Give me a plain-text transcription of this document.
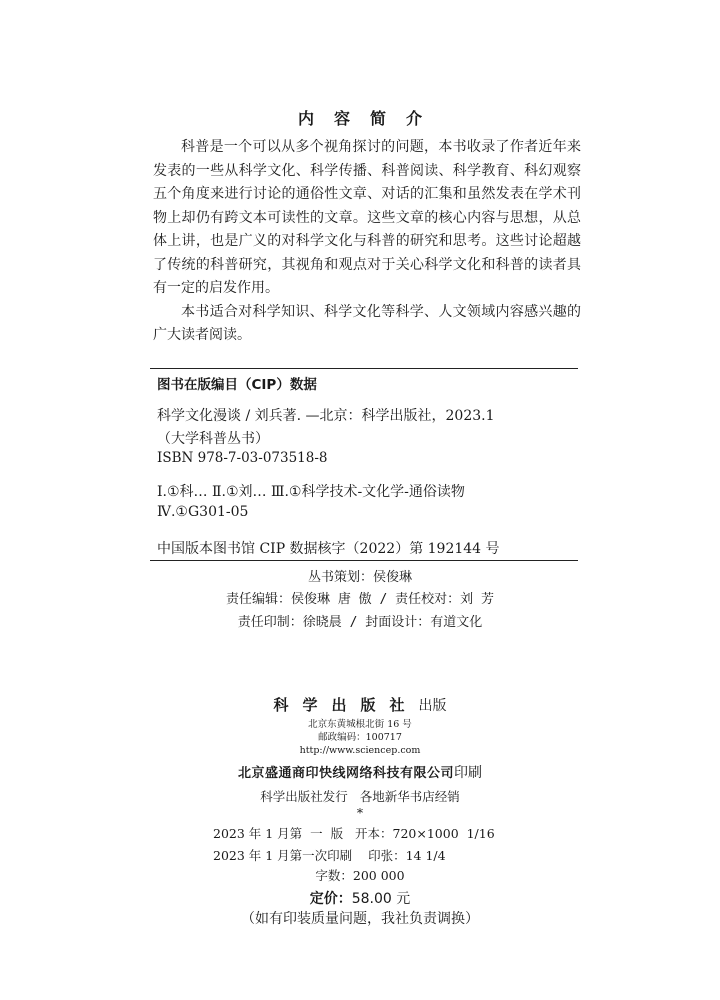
内容简介

科普是一个可以从多个视角探讨的问题，本书收录了作者近年来发表的一些从科学文化、科学传播、科普阅读、科学教育、科幻观察五个角度来进行讨论的通俗性文章、对话的汇集和虽然发表在学术刊物上却仍有跨文本可读性的文章。这些文章的核心内容与思想，从总体上讲，也是广义的对科学文化与科普的研究和思考。这些讨论超越了传统的科普研究，其视角和观点对于关心科学文化和科普的读者具有一定的启发作用。

本书适合对科学知识、科学文化等科学、人文领域内容感兴趣的广大读者阅读。

图书在版编目（CIP）数据
科学文化漫谈 / 刘兵著. —北京：科学出版社，2023.1
（大学科普丛书）
ISBN 978-7-03-073518-8
Ⅰ.①科… Ⅱ.①刘… Ⅲ.①科学技术-文化学-通俗读物
Ⅳ.①G301-05
中国版本图书馆 CIP 数据核字（2022）第 192144 号
丛书策划：侯俊琳
责任编辑：侯俊琳 唐 傲 / 责任校对：刘 芳
责任印制：徐晓晨 / 封面设计：有道文化
科学出版社出版
北京东黄城根北街 16 号
邮政编码：100717
http://www.sciencep.com
北京盛通商印快线网络科技有限公司印刷
科学出版社发行   各地新华书店经销
*
2023 年 1 月第  一  版   开本：720×1000  1/16
2023 年 1 月第一次印刷    印张：14 1/4
字数：200 000
定价：58.00 元
（如有印装质量问题，我社负责调换）
